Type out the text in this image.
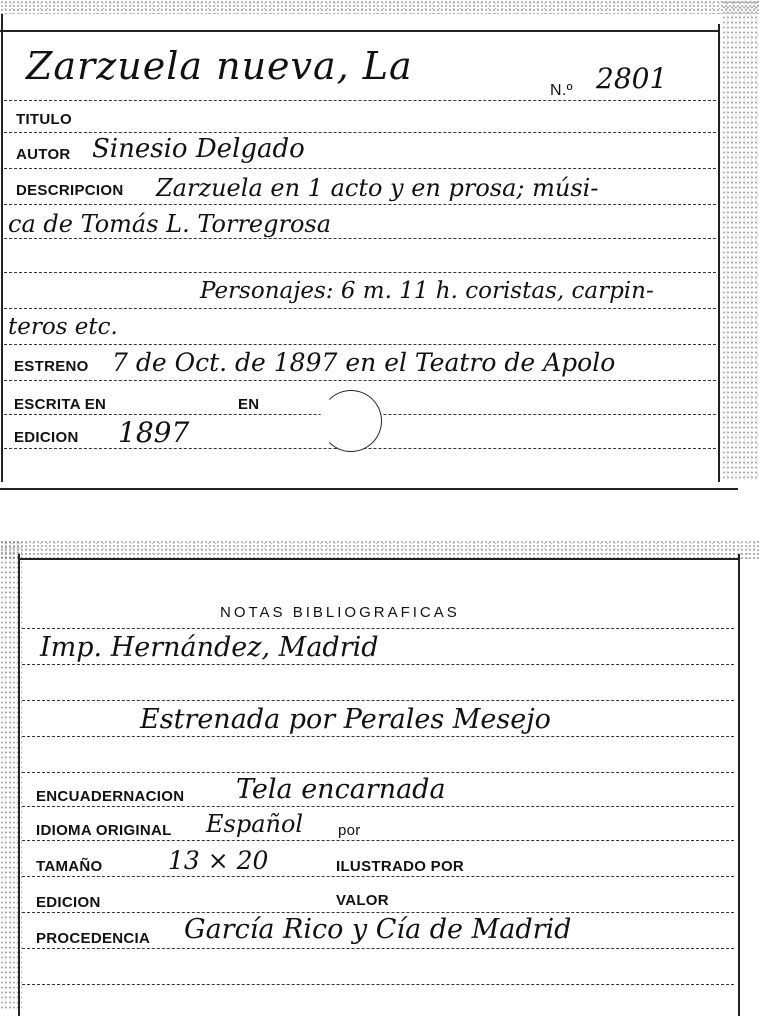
Zarzuela nueva, La
N.º 2801
TITULO
AUTOR Sinesio Delgado
DESCRIPCION Zarzuela en 1 acto y en prosa; músi-
ca de Tomás L. Torregrosa
Personajes: 6 m. 11 h. coristas, carpin-
teros etc.
ESTRENO 7 de Oct. de 1897 en el Teatro de Apolo
ESCRITA EN	EN
EDICION 1897
NOTAS BIBLIOGRAFICAS
Imp. Hernández, Madrid
Estrenada por Perales Mesejo
ENCUADERNACION Tela encarnada
IDIOMA ORIGINAL Español por
TAMAÑO	13 × 20	ILUSTRADO POR
EDICION	VALOR
PROCEDENCIA García Rico y Cía de Madrid
